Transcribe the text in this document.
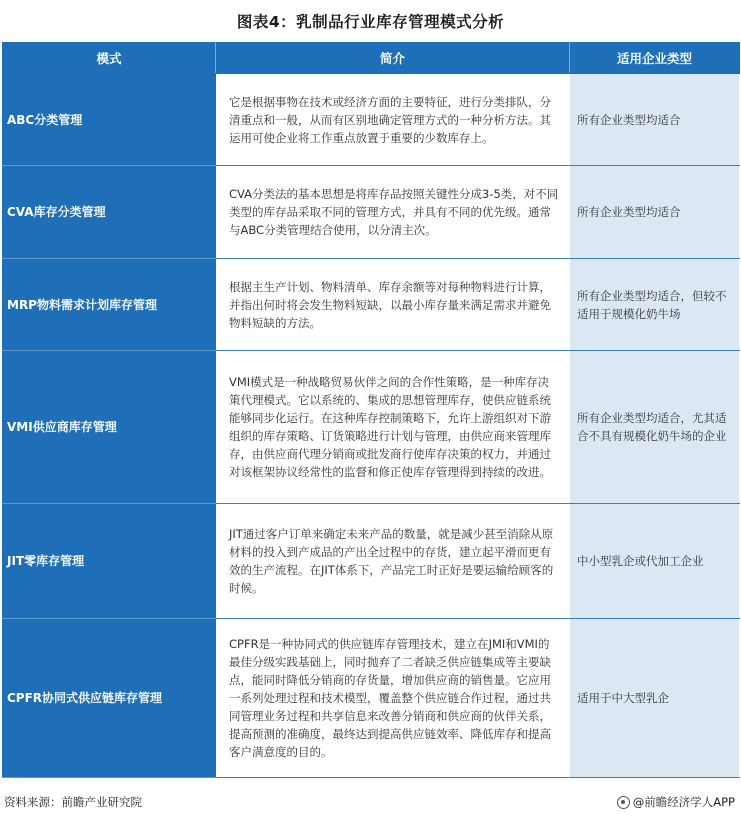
图表4：乳制品行业库存管理模式分析
模式	简介	适用企业类型
ABC分类管理	它是根据事物在技术或经济方面的主要特征，进行分类排队，分清重点和一般，从而有区别地确定管理方式的一种分析方法。其运用可使企业将工作重点放置于重要的少数库存上。	所有企业类型均适合
CVA库存分类管理	CVA分类法的基本思想是将库存品按照关键性分成3-5类，对不同类型的库存品采取不同的管理方式，并具有不同的优先级。通常与ABC分类管理结合使用，以分清主次。	所有企业类型均适合
MRP物料需求计划库存管理	根据主生产计划、物料清单、库存余额等对每种物料进行计算，并指出何时将会发生物料短缺，以最小库存量来满足需求并避免物料短缺的方法。	所有企业类型均适合，但较不适用于规模化奶牛场
VMI供应商库存管理	VMI模式是一种战略贸易伙伴之间的合作性策略，是一种库存决策代理模式。它以系统的、集成的思想管理库存，使供应链系统能够同步化运行。在这种库存控制策略下，允许上游组织对下游组织的库存策略、订货策略进行计划与管理，由供应商来管理库存，由供应商代理分销商或批发商行使库存决策的权力，并通过对该框架协议经常性的监督和修正使库存管理得到持续的改进。	所有企业类型均适合，尤其适合不具有规模化奶牛场的企业
JIT零库存管理	JIT通过客户订单来确定未来产品的数量，就是减少甚至消除从原材料的投入到产成品的产出全过程中的存货，建立起平滑而更有效的生产流程。在JIT体系下，产品完工时正好是要运输给顾客的时候。	中小型乳企或代加工企业
CPFR协同式供应链库存管理	CPFR是一种协同式的供应链库存管理技术，建立在JMI和VMI的最佳分级实践基础上，同时抛弃了二者缺乏供应链集成等主要缺点，能同时降低分销商的存货量，增加供应商的销售量。它应用一系列处理过程和技术模型，覆盖整个供应链合作过程，通过共同管理业务过程和共享信息来改善分销商和供应商的伙伴关系，提高预测的准确度，最终达到提高供应链效率、降低库存和提高客户满意度的目的。	适用于中大型乳企
资料来源：前瞻产业研究院	@前瞻经济学人APP
